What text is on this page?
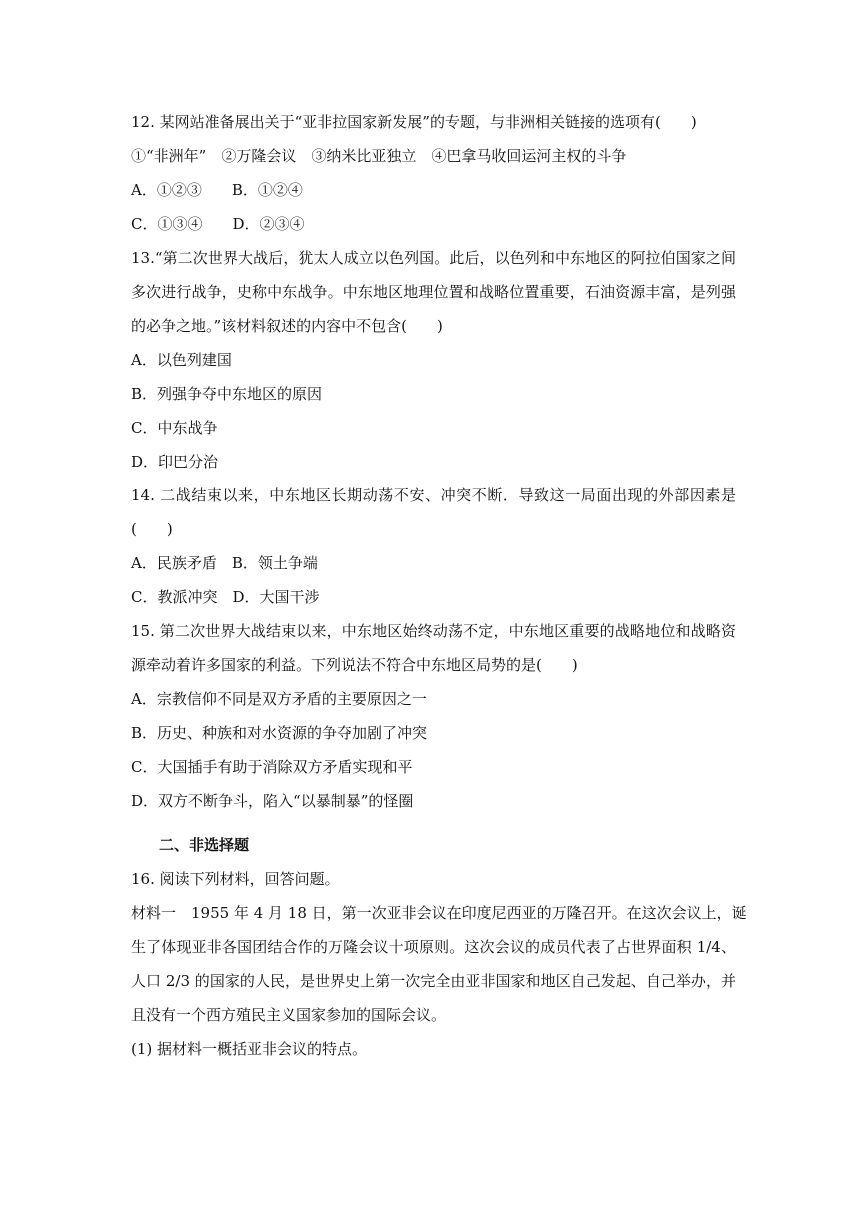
12. 某网站准备展出关于“亚非拉国家新发展”的专题，与非洲相关链接的选项有(　　)
①“非洲年”　②万隆会议　③纳米比亚独立　④巴拿马收回运河主权的斗争
A．①②③　　B．①②④
C．①③④　　D．②③④
13.“第二次世界大战后，犹太人成立以色列国。此后，以色列和中东地区的阿拉伯国家之间
多次进行战争，史称中东战争。中东地区地理位置和战略位置重要，石油资源丰富，是列强
的必争之地。”该材料叙述的内容中不包含(　　)
A．以色列建国
B．列强争夺中东地区的原因
C．中东战争
D．印巴分治
14. 二战结束以来，中东地区长期动荡不安、冲突不断．导致这一局面出现的外部因素是
(　　)
A．民族矛盾　B．领土争端
C．教派冲突　D．大国干涉
15. 第二次世界大战结束以来，中东地区始终动荡不定，中东地区重要的战略地位和战略资
源牵动着许多国家的利益。下列说法不符合中东地区局势的是(　　)
A．宗教信仰不同是双方矛盾的主要原因之一
B．历史、种族和对水资源的争夺加剧了冲突
C．大国插手有助于消除双方矛盾实现和平
D．双方不断争斗，陷入“以暴制暴”的怪圈
二、非选择题
16. 阅读下列材料，回答问题。
材料一　1955 年 4 月 18 日，第一次亚非会议在印度尼西亚的万隆召开。在这次会议上，诞
生了体现亚非各国团结合作的万隆会议十项原则。这次会议的成员代表了占世界面积 1/4、
人口 2/3 的国家的人民，是世界史上第一次完全由亚非国家和地区自己发起、自己举办，并
且没有一个西方殖民主义国家参加的国际会议。
(1) 据材料一概括亚非会议的特点。
